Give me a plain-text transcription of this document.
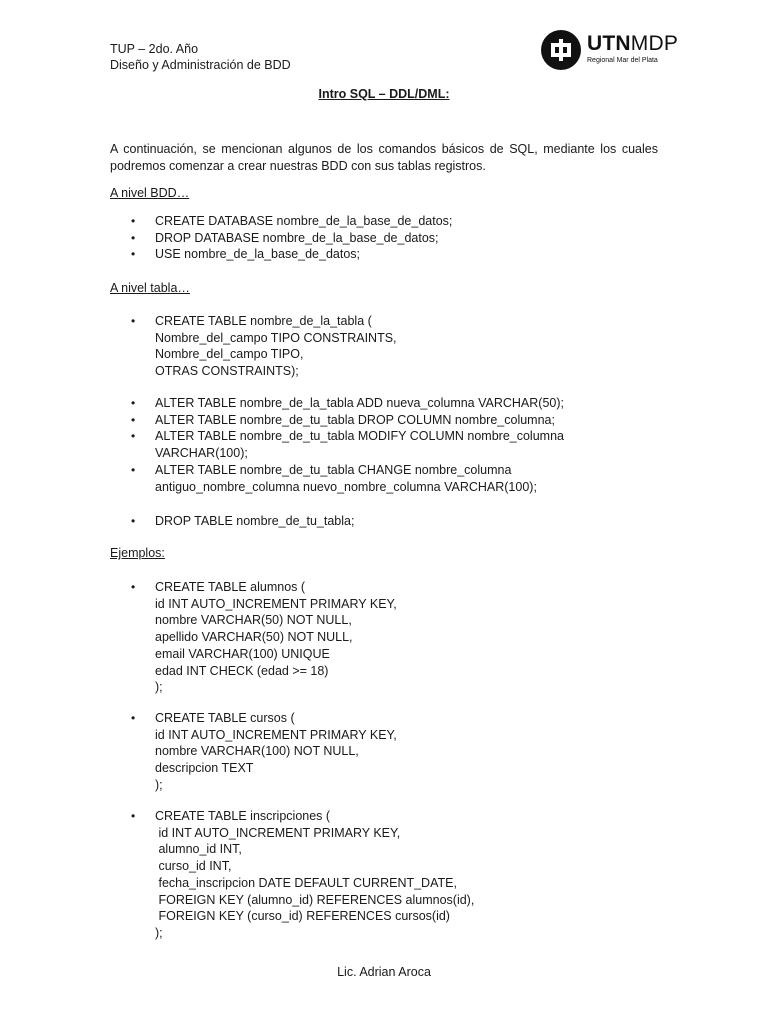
TUP – 2do. Año
Diseño y Administración de BDD
UTNMDP
Regional Mar del Plata
Intro SQL – DDL/DML:
A continuación, se mencionan algunos de los comandos básicos de SQL, mediante los cuales podremos comenzar a crear nuestras BDD con sus tablas registros.
A nivel BDD…
• CREATE DATABASE nombre_de_la_base_de_datos;
• DROP DATABASE nombre_de_la_base_de_datos;
• USE nombre_de_la_base_de_datos;
A nivel tabla…
• CREATE TABLE nombre_de_la_tabla (
Nombre_del_campo TIPO CONSTRAINTS,
Nombre_del_campo TIPO,
OTRAS CONSTRAINTS);
• ALTER TABLE nombre_de_la_tabla ADD nueva_columna VARCHAR(50);
• ALTER TABLE nombre_de_tu_tabla DROP COLUMN nombre_columna;
• ALTER TABLE nombre_de_tu_tabla MODIFY COLUMN nombre_columna
VARCHAR(100);
• ALTER TABLE nombre_de_tu_tabla CHANGE nombre_columna
antiguo_nombre_columna nuevo_nombre_columna VARCHAR(100);
• DROP TABLE nombre_de_tu_tabla;
Ejemplos:
• CREATE TABLE alumnos (
id INT AUTO_INCREMENT PRIMARY KEY,
nombre VARCHAR(50) NOT NULL,
apellido VARCHAR(50) NOT NULL,
email VARCHAR(100) UNIQUE
edad INT CHECK (edad >= 18)
);
• CREATE TABLE cursos (
id INT AUTO_INCREMENT PRIMARY KEY,
nombre VARCHAR(100) NOT NULL,
descripcion TEXT
);
• CREATE TABLE inscripciones (
id INT AUTO_INCREMENT PRIMARY KEY,
alumno_id INT,
curso_id INT,
fecha_inscripcion DATE DEFAULT CURRENT_DATE,
FOREIGN KEY (alumno_id) REFERENCES alumnos(id),
FOREIGN KEY (curso_id) REFERENCES cursos(id)
);
Lic. Adrian Aroca
